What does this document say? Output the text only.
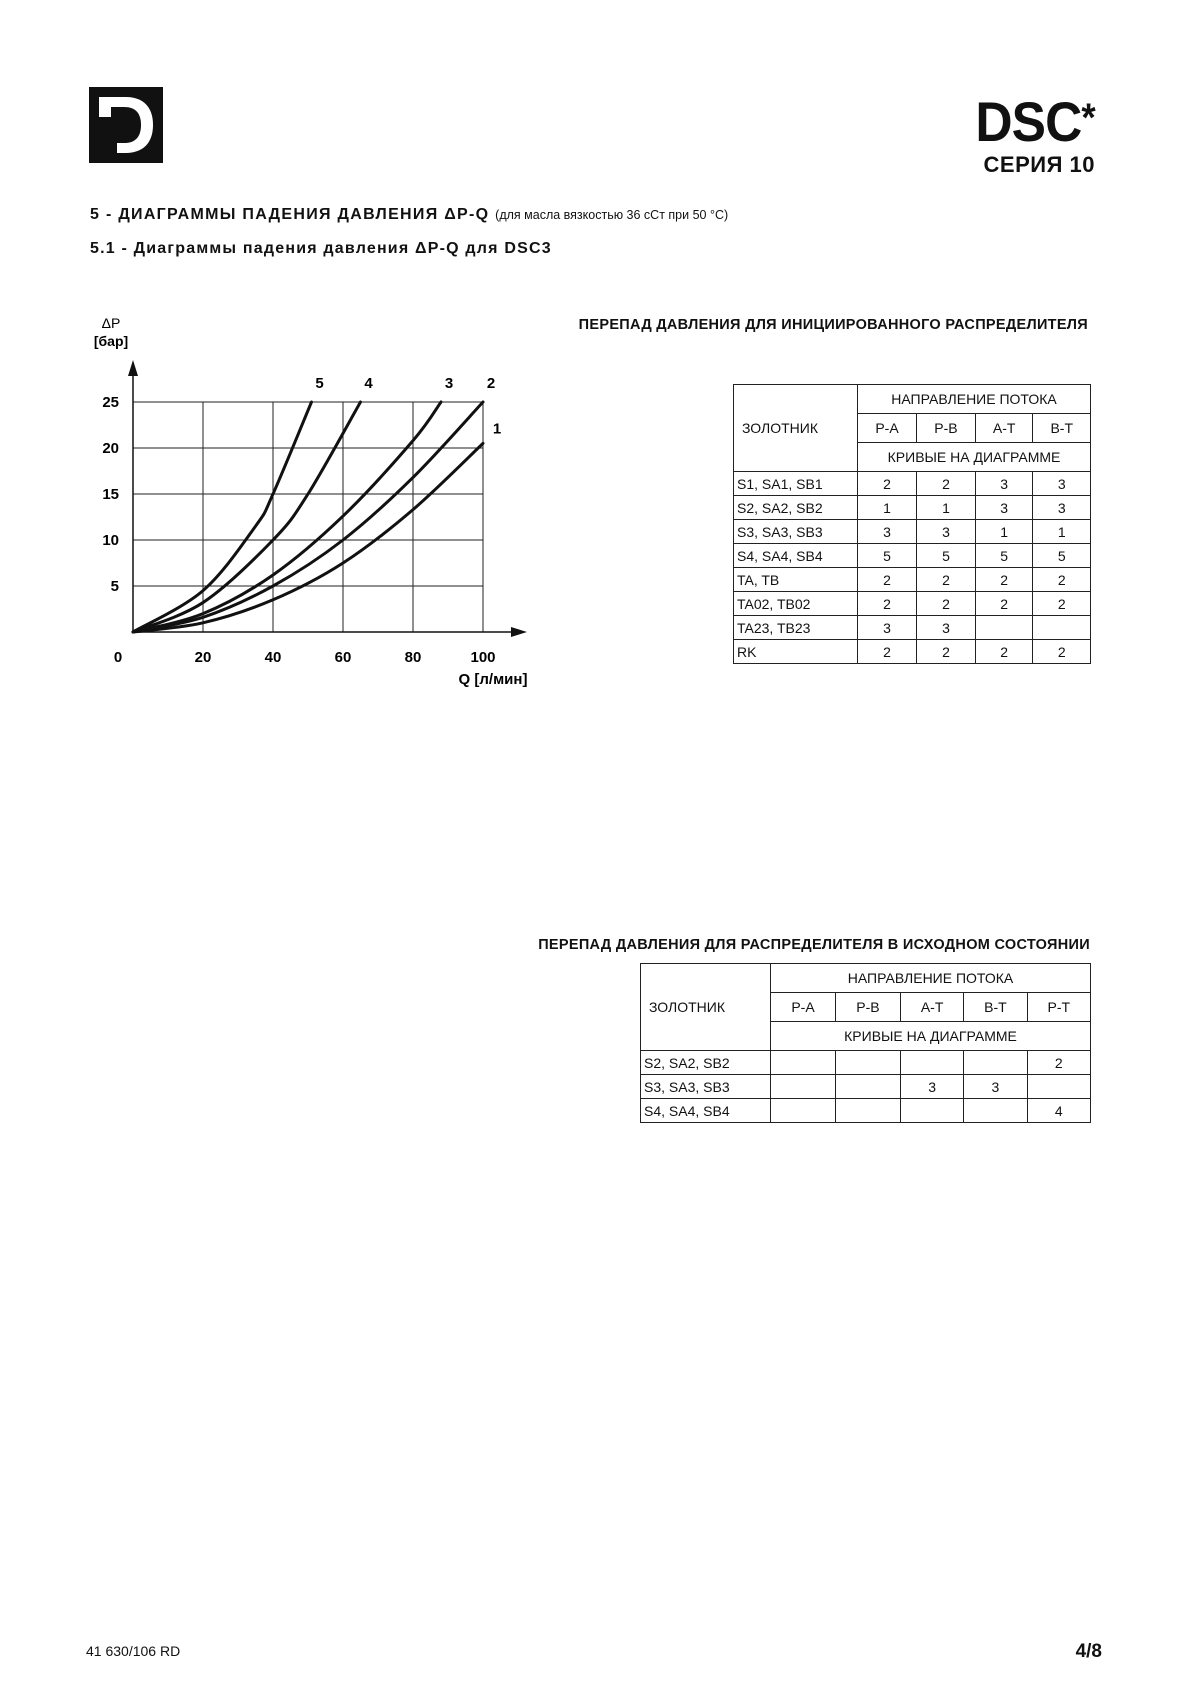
DSC*
СЕРИЯ 10
5 - ДИАГРАММЫ ПАДЕНИЯ ДАВЛЕНИЯ ΔP-Q (для масла вязкостью 36 сСт при 50 °C)
5.1 - Диаграммы падения давления ΔP-Q для DSC3
0	20	40	60	80	100
5
10
15
20
25
1
2
3
4
5
ΔP
[бар]
Q [л/мин]
ПЕРЕПАД ДАВЛЕНИЯ ДЛЯ ИНИЦИИРОВАННОГО РАСПРЕДЕЛИТЕЛЯ
ЗОЛОТНИК	НАПРАВЛЕНИЕ ПОТОКА			
	P-A	P-B	A-T	B-T
	КРИВЫЕ НА ДИАГРАММЕ			
S1, SA1, SB1	2	2	3	3
S2, SA2, SB2	1	1	3	3
S3, SA3, SB3	3	3	1	1
S4, SA4, SB4	5	5	5	5
TA, TB	2	2	2	2
TA02, TB02	2	2	2	2
TA23, TB23	3	3		
RK	2	2	2	2
ПЕРЕПАД ДАВЛЕНИЯ ДЛЯ РАСПРЕДЕЛИТЕЛЯ В ИСХОДНОМ СОСТОЯНИИ
ЗОЛОТНИК	НАПРАВЛЕНИЕ ПОТОКА				
	P-A	P-B	A-T	B-T	P-T
	КРИВЫЕ НА ДИАГРАММЕ				
S2, SA2, SB2					2
S3, SA3, SB3			3	3	
S4, SA4, SB4					4
41 630/106 RD	4/8
